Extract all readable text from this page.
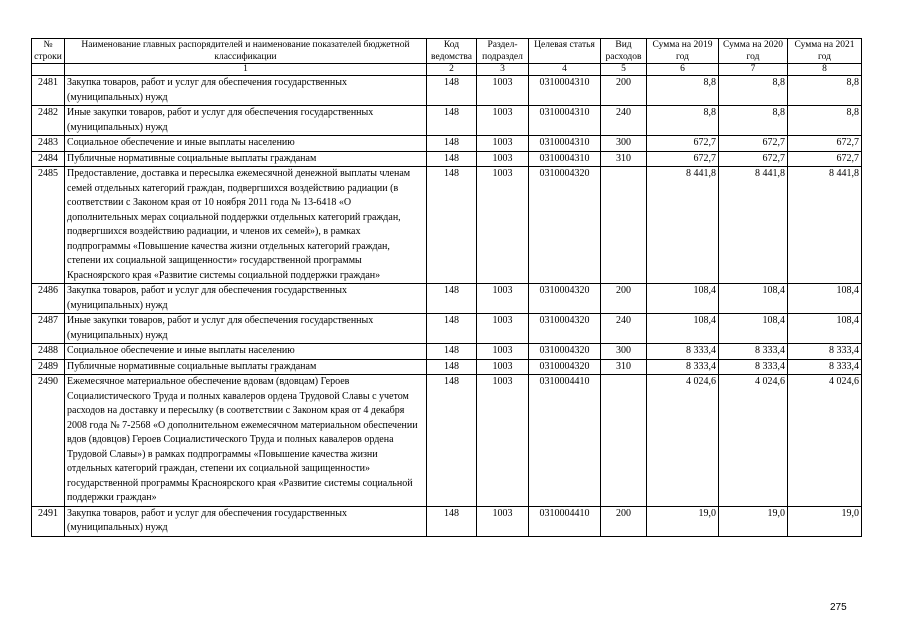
№ строки	Наименование главных распорядителей и наименование показателей бюджетной классификации	Код ведомства	Раздел-подраздел	Целевая статья	Вид расходов	Сумма на 2019 год	Сумма на 2020 год	Сумма на 2021 год
	1	2	3	4	5	6	7	8
2481	Закупка товаров, работ и услуг для обеспечения государственных (муниципальных) нужд	148	1003	0310004310	200	8,8	8,8	8,8
2482	Иные закупки товаров, работ и услуг для обеспечения государственных (муниципальных) нужд	148	1003	0310004310	240	8,8	8,8	8,8
2483	Социальное обеспечение и иные выплаты населению	148	1003	0310004310	300	672,7	672,7	672,7
2484	Публичные нормативные социальные выплаты гражданам	148	1003	0310004310	310	672,7	672,7	672,7
2485	Предоставление, доставка и пересылка ежемесячной денежной выплаты членам семей отдельных категорий граждан, подвергшихся воздействию радиации (в соответствии с Законом края от 10 ноября 2011 года № 13-6418 «О дополнительных мерах социальной поддержки отдельных категорий граждан, подвергшихся воздействию радиации, и членов их семей»), в рамках подпрограммы «Повышение качества жизни отдельных категорий граждан, степени их социальной защищенности» государственной программы Красноярского края «Развитие системы социальной поддержки граждан»	148	1003	0310004320		8 441,8	8 441,8	8 441,8
2486	Закупка товаров, работ и услуг для обеспечения государственных (муниципальных) нужд	148	1003	0310004320	200	108,4	108,4	108,4
2487	Иные закупки товаров, работ и услуг для обеспечения государственных (муниципальных) нужд	148	1003	0310004320	240	108,4	108,4	108,4
2488	Социальное обеспечение и иные выплаты населению	148	1003	0310004320	300	8 333,4	8 333,4	8 333,4
2489	Публичные нормативные социальные выплаты гражданам	148	1003	0310004320	310	8 333,4	8 333,4	8 333,4
2490	Ежемесячное материальное обеспечение вдовам (вдовцам) Героев Социалистического Труда и полных кавалеров ордена Трудовой Славы с учетом расходов на доставку и пересылку (в соответствии с Законом края от 4 декабря 2008 года № 7-2568 «О дополнительном ежемесячном материальном обеспечении вдов (вдовцов) Героев Социалистического Труда и полных кавалеров ордена Трудовой Славы») в рамках подпрограммы «Повышение качества жизни отдельных категорий граждан, степени их социальной защищенности» государственной программы Красноярского края «Развитие системы социальной поддержки граждан»	148	1003	0310004410		4 024,6	4 024,6	4 024,6
2491	Закупка товаров, работ и услуг для обеспечения государственных (муниципальных) нужд	148	1003	0310004410	200	19,0	19,0	19,0
275
